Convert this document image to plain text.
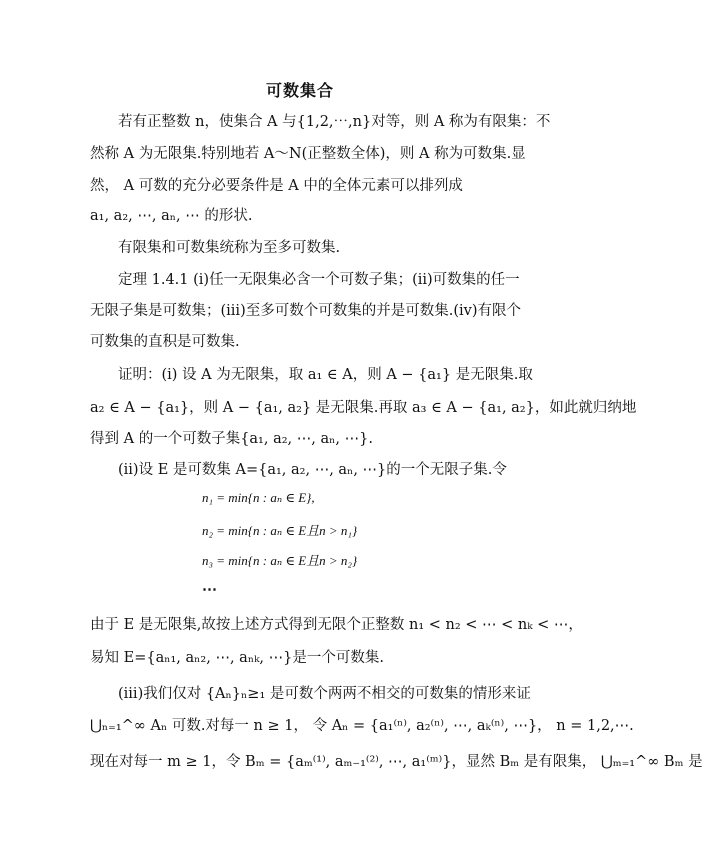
可数集合
若有正整数 n，使集合 A 与{1,2,⋯,n}对等，则 A 称为有限集：不
然称 A 为无限集.特别地若 A～N(正整数全体)，则 A 称为可数集.显
然， A 可数的充分必要条件是 A 中的全体元素可以排列成
a₁, a₂, ⋯, aₙ, ⋯ 的形状.
有限集和可数集统称为至多可数集.
定理 1.4.1 (i)任一无限集必含一个可数子集；(ii)可数集的任一
无限子集是可数集；(iii)至多可数个可数集的并是可数集.(iv)有限个
可数集的直积是可数集.
证明：(i) 设 A 为无限集，取 a₁ ∈ A，则 A − {a₁} 是无限集.取
a₂ ∈ A − {a₁}，则 A − {a₁, a₂} 是无限集.再取 a₃ ∈ A − {a₁, a₂}，如此就归纳地
得到 A 的一个可数子集{a₁, a₂, ⋯, aₙ, ⋯}.
(ii)设 E 是可数集 A={a₁, a₂, ⋯, aₙ, ⋯}的一个无限子集.令
n₁ = min{n : aₙ ∈ E},
n₂ = min{n : aₙ ∈ E且n > n₁}
n₃ = min{n : aₙ ∈ E且n > n₂}
⋯
由于 E 是无限集,故按上述方式得到无限个正整数 n₁ < n₂ < ⋯ < nₖ < ⋯，
易知 E={aₙ₁, aₙ₂, ⋯, aₙₖ, ⋯}是一个可数集.
(iii)我们仅对 {Aₙ}ₙ≥₁ 是可数个两两不相交的可数集的情形来证
⋃ₙ₌₁^∞ Aₙ 可数.对每一 n ≥ 1， 令 Aₙ = {a₁⁽ⁿ⁾, a₂⁽ⁿ⁾, ⋯, aₖ⁽ⁿ⁾, ⋯}， n = 1,2,⋯.
现在对每一 m ≥ 1，令 Bₘ = {aₘ⁽¹⁾, aₘ₋₁⁽²⁾, ⋯, a₁⁽ᵐ⁾}，显然 Bₘ 是有限集， ⋃ₘ₌₁^∞ Bₘ 是
